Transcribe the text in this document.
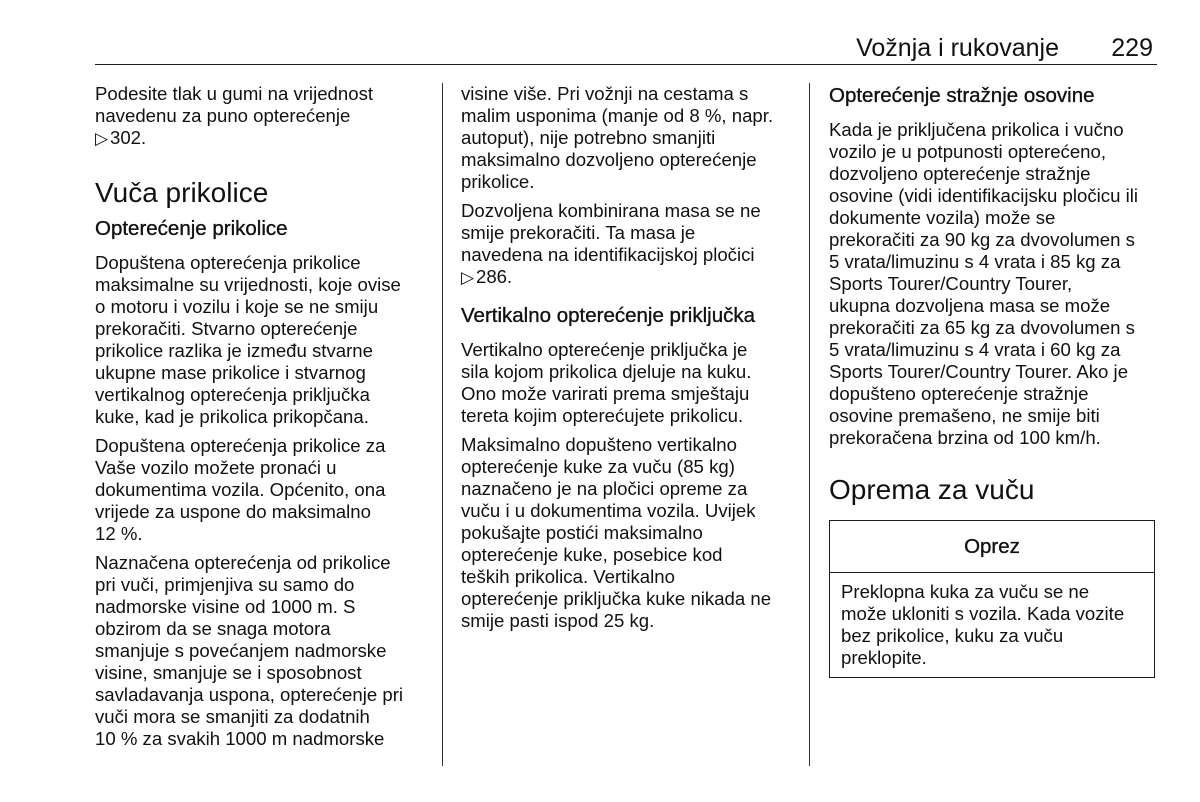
Vožnja i rukovanje 229

Podesite tlak u gumi na vrijednost
navedenu za puno opterećenje
▷ 302.

Vuča prikolice
Opterećenje prikolice

Dopuštena opterećenja prikolice
maksimalne su vrijednosti, koje ovise
o motoru i vozilu i koje se ne smiju
prekoračiti. Stvarno opterećenje
prikolice razlika je između stvarne
ukupne mase prikolice i stvarnog
vertikalnog opterećenja priključka
kuke, kad je prikolica prikopčana.

Dopuštena opterećenja prikolice za
Vaše vozilo možete pronaći u
dokumentima vozila. Općenito, ona
vrijede za uspone do maksimalno
12 %.

Naznačena opterećenja od prikolice
pri vuči, primjenjiva su samo do
nadmorske visine od 1000 m. S
obzirom da se snaga motora
smanjuje s povećanjem nadmorske
visine, smanjuje se i sposobnost
savladavanja uspona, opterećenje pri
vuči mora se smanjiti za dodatnih
10 % za svakih 1000 m nadmorske

visine više. Pri vožnji na cestama s
malim usponima (manje od 8 %, napr.
autoput), nije potrebno smanjiti
maksimalno dozvoljeno opterećenje
prikolice.

Dozvoljena kombinirana masa se ne
smije prekoračiti. Ta masa je
navedena na identifikacijskoj pločici
▷ 286.

Vertikalno opterećenje priključka

Vertikalno opterećenje priključka je
sila kojom prikolica djeluje na kuku.
Ono može varirati prema smještaju
tereta kojim opterećujete prikolicu.

Maksimalno dopušteno vertikalno
opterećenje kuke za vuču (85 kg)
naznačeno je na pločici opreme za
vuču i u dokumentima vozila. Uvijek
pokušajte postići maksimalno
opterećenje kuke, posebice kod
teških prikolica. Vertikalno
opterećenje priključka kuke nikada ne
smije pasti ispod 25 kg.

Opterećenje stražnje osovine

Kada je priključena prikolica i vučno
vozilo je u potpunosti opterećeno,
dozvoljeno opterećenje stražnje
osovine (vidi identifikacijsku pločicu ili
dokumente vozila) može se
prekoračiti za 90 kg za dvovolumen s
5 vrata/limuzinu s 4 vrata i 85 kg za
Sports Tourer/Country Tourer,
ukupna dozvoljena masa se može
prekoračiti za 65 kg za dvovolumen s
5 vrata/limuzinu s 4 vrata i 60 kg za
Sports Tourer/Country Tourer. Ako je
dopušteno opterećenje stražnje
osovine premašeno, ne smije biti
prekoračena brzina od 100 km/h.

Oprema za vuču
Oprez

Preklopna kuka za vuču se ne
može ukloniti s vozila. Kada vozite
bez prikolice, kuku za vuču
preklopite.
